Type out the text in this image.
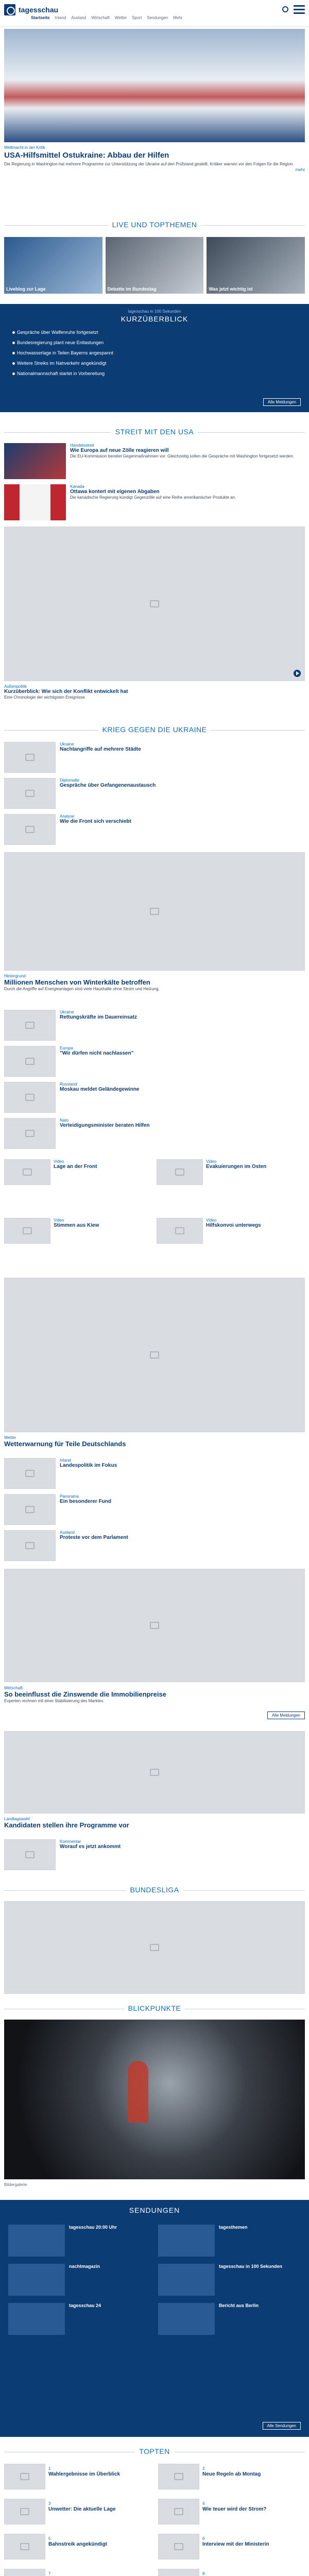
tagesschau
Startseite Inland Ausland Wirtschaft Wetter Sport Sendungen Mehr
Weltmacht in der Kritik
USA-Hilfsmittel Ostukraine: Abbau der Hilfen
Die Regierung in Washington hat mehrere Programme zur Unterstützung der Ukraine auf den Prüfstand gestellt. Kritiker warnen vor den Folgen für die Region.
mehr
LIVE UND TOPTHEMEN
Liveblog zur Lage	Debatte im Bundestag	Was jetzt wichtig ist
tagesschau in 100 Sekunden
KURZÜBERBLICK
Gespräche über Waffenruhe fortgesetzt
Bundesregierung plant neue Entlastungen
Hochwasserlage in Teilen Bayerns angespannt
Weitere Streiks im Nahverkehr angekündigt
Nationalmannschaft startet in Vorbereitung
Alle Meldungen
STREIT MIT DEN USA
Handelsstreit
Wie Europa auf neue Zölle reagieren will
Die EU-Kommission bereitet Gegenmaßnahmen vor. Gleichzeitig sollen die Gespräche mit Washington fortgesetzt werden.
Kanada
Ottawa kontert mit eigenen Abgaben
Die kanadische Regierung kündigt Gegenzölle auf eine Reihe amerikanischer Produkte an.
Außenpolitik
Kurzüberblick: Wie sich der Konflikt entwickelt hat
Eine Chronologie der wichtigsten Ereignisse.
KRIEG GEGEN DIE UKRAINE
Ukraine
Nachtangriffe auf mehrere Städte
Diplomatie
Gespräche über Gefangenenaustausch
Analyse
Wie die Front sich verschiebt
Hintergrund
Millionen Menschen von Winterkälte betroffen
Durch die Angriffe auf Energieanlagen sind viele Haushalte ohne Strom und Heizung.
Ukraine
Rettungskräfte im Dauereinsatz
Europa
"Wir dürfen nicht nachlassen"
Russland
Moskau meldet Geländegewinne
Nato
Verteidigungsminister beraten Hilfen
Video
Lage an der Front
Video
Evakuierungen im Osten
Video
Stimmen aus Kiew
Video
Hilfskonvoi unterwegs
Wetter
Wetterwarnung für Teile Deutschlands
Inland
Landespolitik im Fokus
Panorama
Ein besonderer Fund
Ausland
Proteste vor dem Parlament
Wirtschaft
So beeinflusst die Zinswende die Immobilienpreise
Experten rechnen mit einer Stabilisierung des Marktes.
Alle Meldungen
Landtagswahl
Kandidaten stellen ihre Programme vor
Kommentar
Worauf es jetzt ankommt
BUNDESLIGA
BLICKPUNKTE
Bildergalerie
SENDUNGEN
tagesschau 20:00 Uhr	tagesthemen
nachtmagazin	tagesschau in 100 Sekunden
tagesschau 24	Bericht aus Berlin
Alle Sendungen
TOPTEN
1
Wahlergebnisse im Überblick
2
Neue Regeln ab Montag
3
Unwetter: Die aktuelle Lage
4
Wie teuer wird der Strom?
5
Bahnstreik angekündigt
6
Interview mit der Ministerin
7	8
